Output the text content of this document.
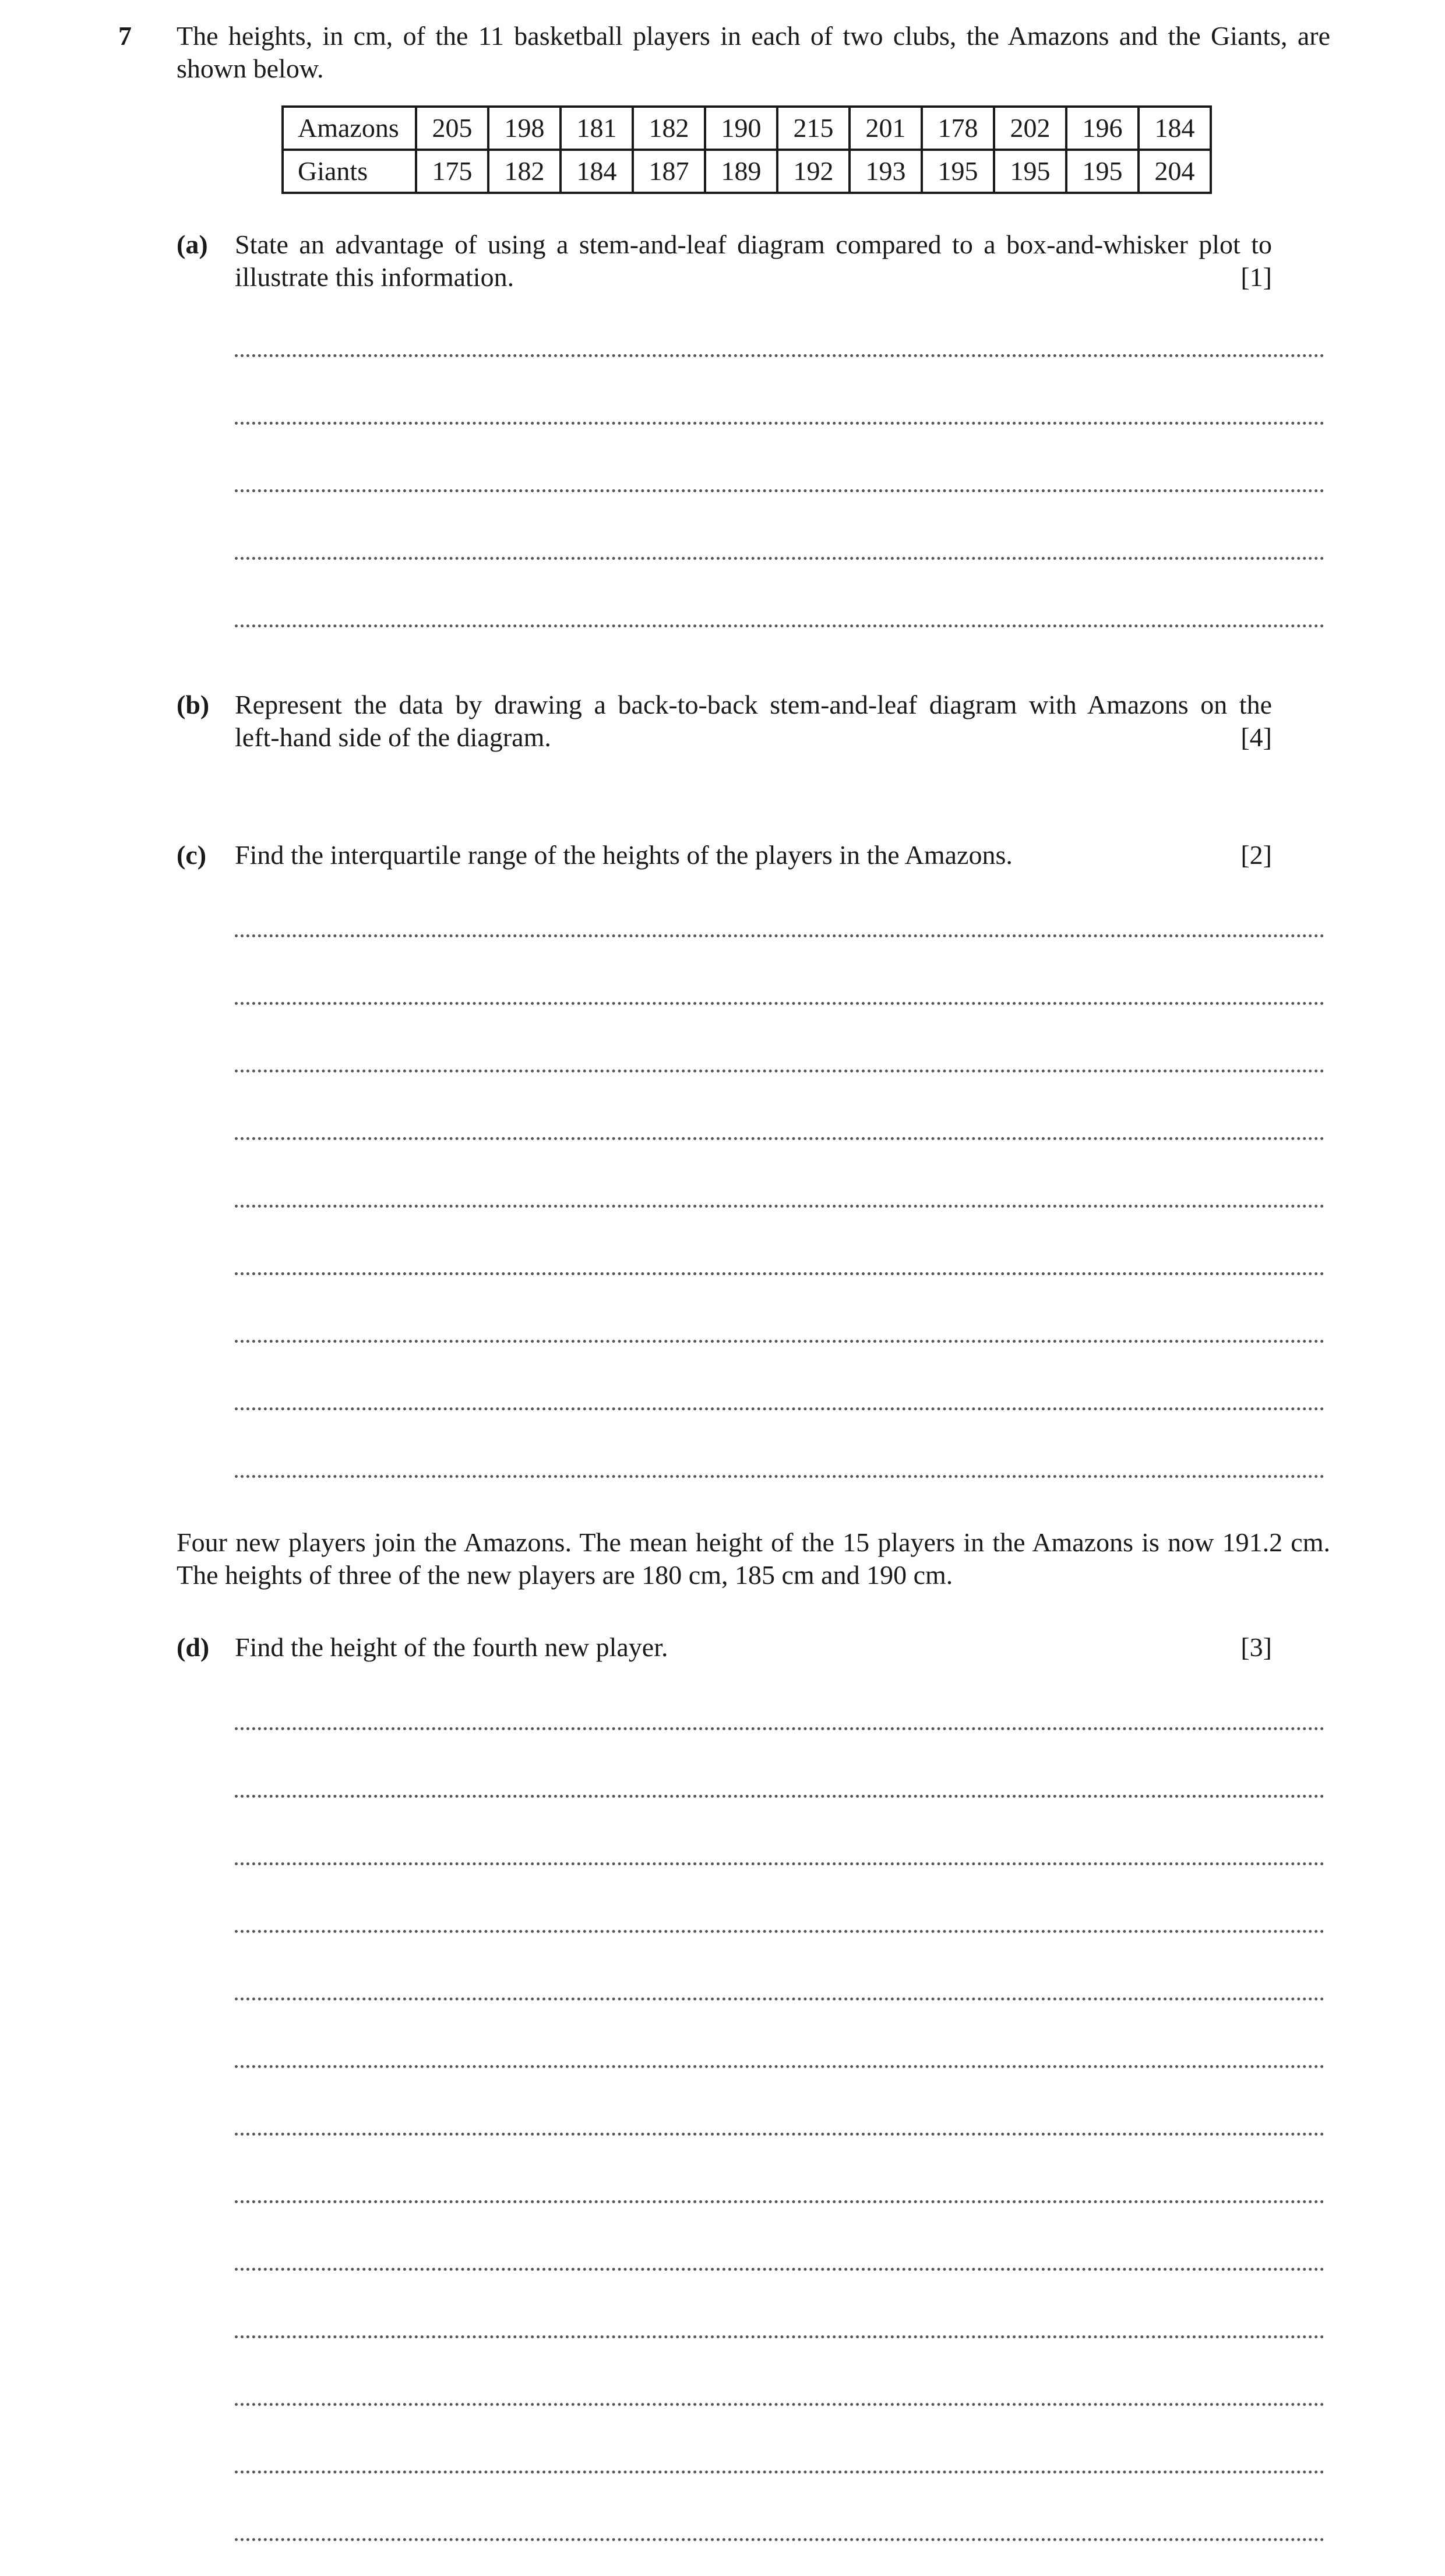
7 The heights, in cm, of the 11 basketball players in each of two clubs, the Amazons and the Giants, are shown below.

Amazons	205	198	181	182	190	215	201	178	202	196	184
Giants	175	182	184	187	189	192	193	195	195	195	204
(a) State an advantage of using a stem-and-leaf diagram compared to a box-and-whisker plot to

illustrate this information.	[1]
(b) Represent the data by drawing a back-to-back stem-and-leaf diagram with Amazons on the

left-hand side of the diagram.	[4]
(c) Find the interquartile range of the heights of the players in the Amazons.	[2]

Four new players join the Amazons. The mean height of the 15 players in the Amazons is now 191.2 cm. The heights of three of the new players are 180 cm, 185 cm and 190 cm.

(d) Find the height of the fourth new player.	[3]
